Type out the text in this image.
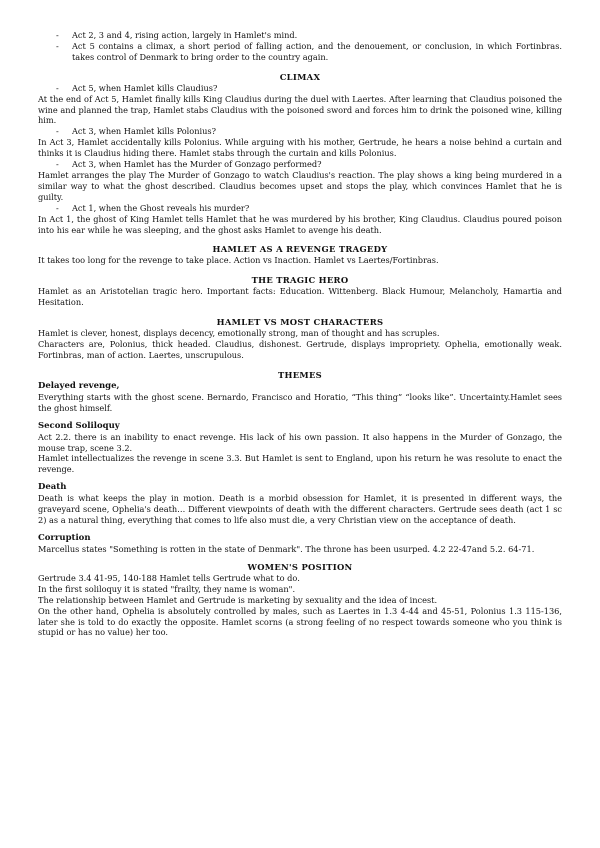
- Act 2, 3 and 4, rising action, largely in Hamlet's mind.
- Act 5 contains a climax, a short period of falling action, and the denouement, or conclusion, in which Fortinbras. takes control of Denmark to bring order to the country again.
CLIMAX
- Act 5, when Hamlet kills Claudius?

At the end of Act 5, Hamlet finally kills King Claudius during the duel with Laertes. After learning that Claudius poisoned the wine and planned the trap, Hamlet stabs Claudius with the poisoned sword and forces him to drink the poisoned wine, killing him.

- Act 3, when Hamlet kills Polonius?

In Act 3, Hamlet accidentally kills Polonius. While arguing with his mother, Gertrude, he hears a noise behind a curtain and thinks it is Claudius hiding there. Hamlet stabs through the curtain and kills Polonius.

- Act 3, when Hamlet has the Murder of Gonzago performed?

Hamlet arranges the play The Murder of Gonzago to watch Claudius's reaction. The play shows a king being murdered in a similar way to what the ghost described. Claudius becomes upset and stops the play, which convinces Hamlet that he is guilty.

- Act 1, when the Ghost reveals his murder?

In Act 1, the ghost of King Hamlet tells Hamlet that he was murdered by his brother, King Claudius. Claudius poured poison into his ear while he was sleeping, and the ghost asks Hamlet to avenge his death.

HAMLET AS A REVENGE TRAGEDY

It takes too long for the revenge to take place. Action vs Inaction. Hamlet vs Laertes/Fortinbras.

THE TRAGIC HERO

Hamlet as an Aristotelian tragic hero. Important facts: Education. Wittenberg. Black Humour, Melancholy, Hamartia and Hesitation.

HAMLET VS MOST CHARACTERS

Hamlet is clever, honest, displays decency, emotionally strong, man of thought and has scruples.

Characters are, Polonius, thick headed. Claudius, dishonest. Gertrude, displays impropriety. Ophelia, emotionally weak. Fortinbras, man of action. Laertes, unscrupulous.

THEMES
Delayed revenge,

Everything starts with the ghost scene. Bernardo, Francisco and Horatio, “This thing” “looks like”. Uncertainty.Hamlet sees the ghost himself.

Second Soliloquy

Act 2.2. there is an inability to enact revenge. His lack of his own passion. It also happens in the Murder of Gonzago, the mouse trap, scene 3.2.

Hamlet intellectualizes the revenge in scene 3.3. But Hamlet is sent to England, upon his return he was resolute to enact the revenge.

Death

Death is what keeps the play in motion. Death is a morbid obsession for Hamlet, it is presented in different ways, the graveyard scene, Ophelia's death… Different viewpoints of death with the different characters. Gertrude sees death (act 1 sc 2) as a natural thing, everything that comes to life also must die, a very Christian view on the acceptance of death.

Corruption

Marcellus states "Something is rotten in the state of Denmark". The throne has been usurped. 4.2 22-47and 5.2. 64-71.

WOMEN'S POSITION

Gertrude 3.4 41-95, 140-188 Hamlet tells Gertrude what to do.

In the first soliloquy it is stated "frailty, they name is woman".

The relationship between Hamlet and Gertrude is marketing by sexuality and the idea of incest.

On the other hand, Ophelia is absolutely controlled by males, such as Laertes in 1.3 4-44 and 45-51, Polonius 1.3 115-136, later she is told to do exactly the opposite. Hamlet scorns (a strong feeling of no respect towards someone who you think is stupid or has no value) her too.
